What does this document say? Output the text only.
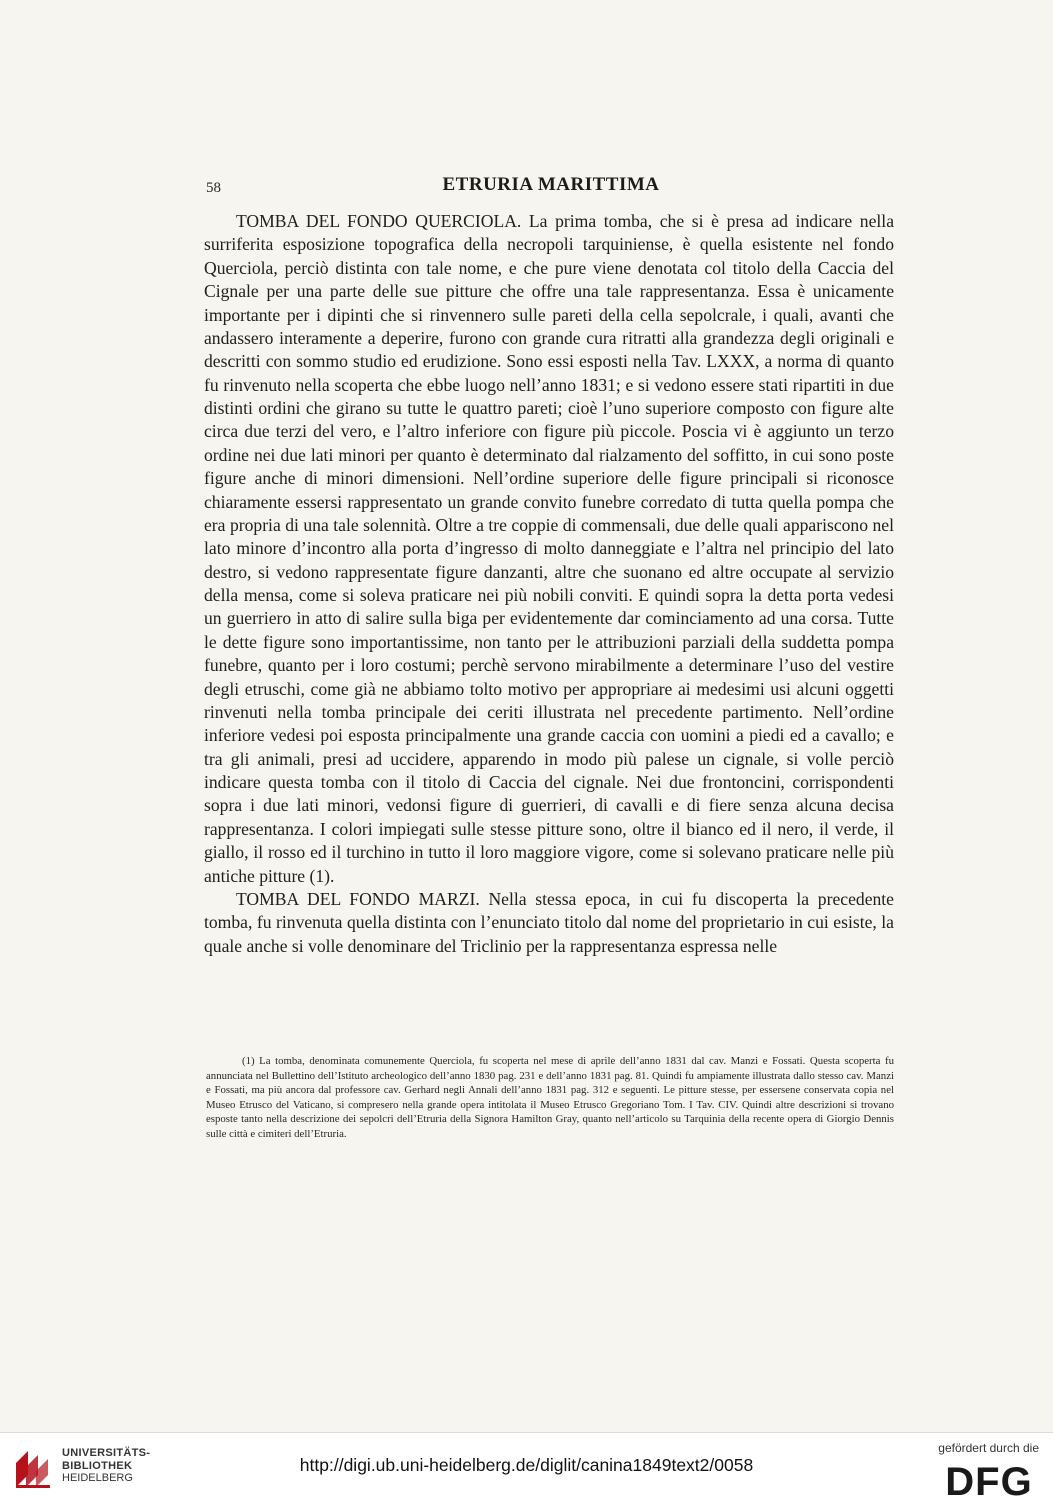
58	ETRURIA MARITTIMA

TOMBA DEL FONDO QUERCIOLA. La prima tomba, che si è presa ad indicare nella surriferita esposizione topografica della necropoli tarquiniense, è quella esistente nel fondo Querciola, perciò distinta con tale nome, e che pure viene denotata col titolo della Caccia del Cignale per una parte delle sue pitture che offre una tale rappresentanza. Essa è unicamente importante per i dipinti che si rinvennero sulle pareti della cella sepolcrale, i quali, avanti che andassero interamente a deperire, furono con grande cura ritratti alla grandezza degli originali e descritti con sommo studio ed erudizione. Sono essi esposti nella Tav. LXXX, a norma di quanto fu rinvenuto nella scoperta che ebbe luogo nell’anno 1831; e si vedono essere stati ripartiti in due distinti ordini che girano su tutte le quattro pareti; cioè l’uno superiore composto con figure alte circa due terzi del vero, e l’altro inferiore con figure più piccole. Poscia vi è aggiunto un terzo ordine nei due lati minori per quanto è determinato dal rialzamento del soffitto, in cui sono poste figure anche di minori dimensioni. Nell’ordine superiore delle figure principali si riconosce chiaramente essersi rappresentato un grande convito funebre corredato di tutta quella pompa che era propria di una tale solennità. Oltre a tre coppie di commensali, due delle quali appariscono nel lato minore d’incontro alla porta d’ingresso di molto danneggiate e l’altra nel principio del lato destro, si vedono rappresentate figure danzanti, altre che suonano ed altre occupate al servizio della mensa, come si soleva praticare nei più nobili conviti. E quindi sopra la detta porta vedesi un guerriero in atto di salire sulla biga per evidentemente dar cominciamento ad una corsa. Tutte le dette figure sono importantissime, non tanto per le attribuzioni parziali della suddetta pompa funebre, quanto per i loro costumi; perchè servono mirabilmente a determinare l’uso del vestire degli etruschi, come già ne abbiamo tolto motivo per appropriare ai medesimi usi alcuni oggetti rinvenuti nella tomba principale dei ceriti illustrata nel precedente partimento. Nell’ordine inferiore vedesi poi esposta principalmente una grande caccia con uomini a piedi ed a cavallo; e tra gli animali, presi ad uccidere, apparendo in modo più palese un cignale, si volle perciò indicare questa tomba con il titolo di Caccia del cignale. Nei due frontoncini, corrispondenti sopra i due lati minori, vedonsi figure di guerrieri, di cavalli e di fiere senza alcuna decisa rappresentanza. I colori impiegati sulle stesse pitture sono, oltre il bianco ed il nero, il verde, il giallo, il rosso ed il turchino in tutto il loro maggiore vigore, come si solevano praticare nelle più antiche pitture (1).

TOMBA DEL FONDO MARZI. Nella stessa epoca, in cui fu discoperta la precedente tomba, fu rinvenuta quella distinta con l’enunciato titolo dal nome del proprietario in cui esiste, la quale anche si volle denominare del Triclinio per la rappresentanza espressa nelle

(1) La tomba, denominata comunemente Querciola, fu scoperta nel mese di aprile dell’anno 1831 dal cav. Manzi e Fossati. Questa scoperta fu annunciata nel Bullettino dell’Istituto archeologico dell’anno 1830 pag. 231 e dell’anno 1831 pag. 81. Quindi fu ampiamente illustrata dallo stesso cav. Manzi e Fossati, ma più ancora dal professore cav. Gerhard negli Annali dell’anno 1831 pag. 312 e seguenti. Le pitture stesse, per essersene conservata copia nel Museo Etrusco del Vaticano, si compresero nella grande opera intitolata il Museo Etrusco Gregoriano Tom. I Tav. CIV. Quindi altre descrizioni si trovano esposte tanto nella descrizione dei sepolcri dell’Etruria della Signora Hamilton Gray, quanto nell’articolo su Tarquinia della recente opera di Giorgio Dennis sulle città e cimiteri dell’Etruria.

UNIVERSITÄTS-
BIBLIOTHEK
HEIDELBERG
http://digi.ub.uni-heidelberg.de/diglit/canina1849text2/0058
gefördert durch die
DFG
